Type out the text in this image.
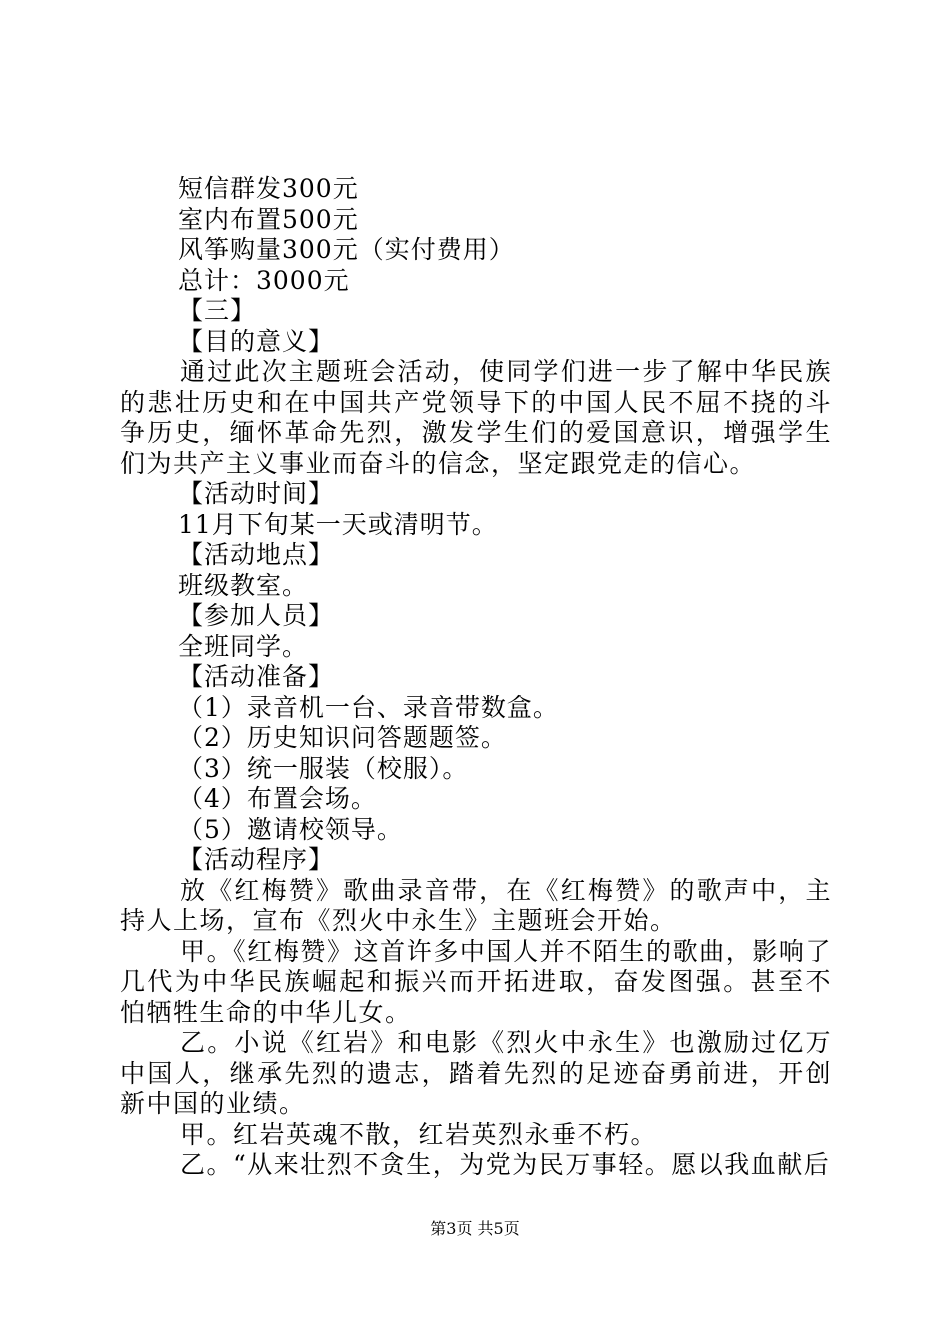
短信群发300元
室内布置500元
风筝购量300元（实付费用）
总计：3000元
【三】
【目的意义】

通过此次主题班会活动，使同学们进一步了解中华民族的悲壮历史和在中国共产党领导下的中国人民不屈不挠的斗争历史，缅怀革命先烈，激发学生们的爱国意识，增强学生们为共产主义事业而奋斗的信念，坚定跟党走的信心。

【活动时间】
11月下旬某一天或清明节。
【活动地点】
班级教室。
【参加人员】
全班同学。
【活动准备】
（1）录音机一台、录音带数盒。
（2）历史知识问答题题签。
（3）统一服装（校服）。
（4）布置会场。
（5）邀请校领导。
【活动程序】

放《红梅赞》歌曲录音带，在《红梅赞》的歌声中，主持人上场，宣布《烈火中永生》主题班会开始。

甲。《红梅赞》这首许多中国人并不陌生的歌曲，影响了几代为中华民族崛起和振兴而开拓进取，奋发图强。甚至不怕牺牲生命的中华儿女。

乙。小说《红岩》和电影《烈火中永生》也激励过亿万中国人，继承先烈的遗志，踏着先烈的足迹奋勇前进，开创新中国的业绩。

甲。红岩英魂不散，红岩英烈永垂不朽。

乙。“从来壮烈不贪生，为党为民万事轻。愿以我血献后

第3页 共5页
